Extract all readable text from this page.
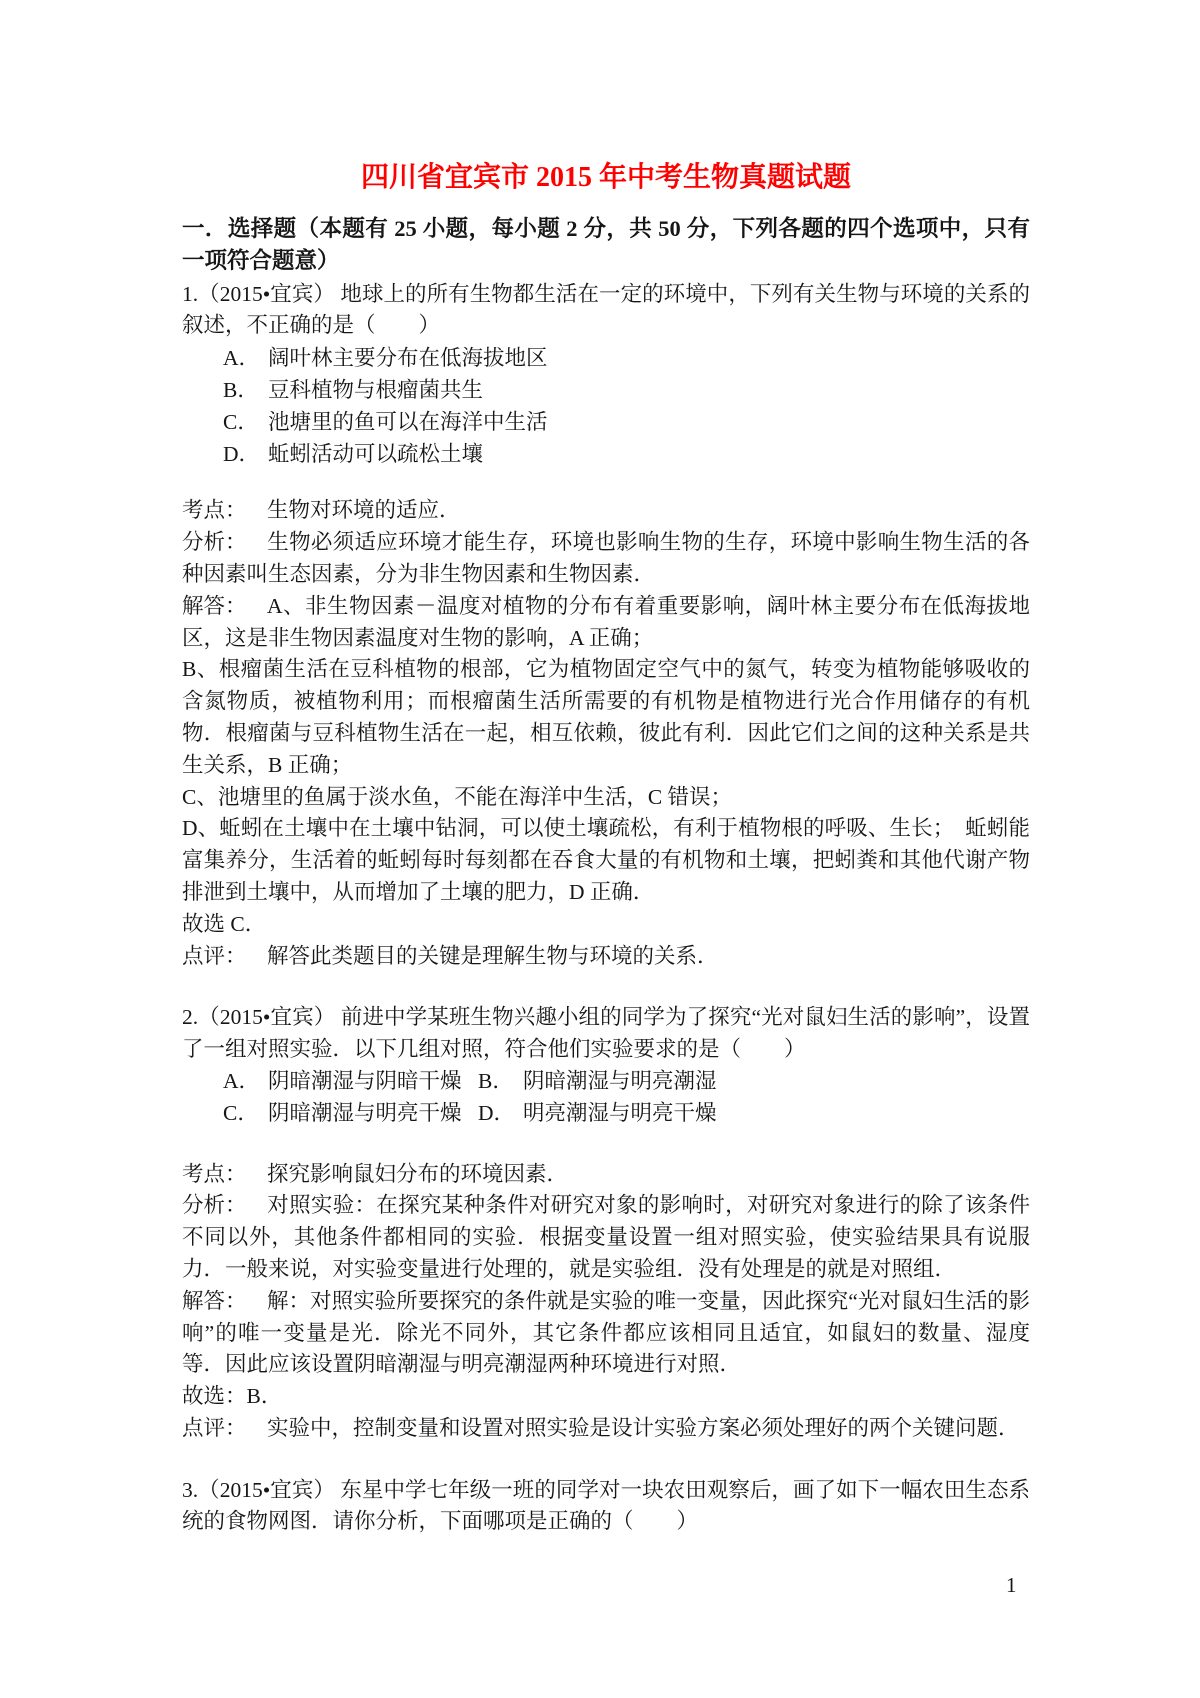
四川省宜宾市 2015 年中考生物真题试题

一．选择题（本题有 25 小题，每小题 2 分，共 50 分，下列各题的四个选项中，只有一项符合题意）

1.（2015•宜宾） 地球上的所有生物都生活在一定的环境中，下列有关生物与环境的关系的叙述，不正确的是（　　）

A． 阔叶林主要分布在低海拔地区

B． 豆科植物与根瘤菌共生

C． 池塘里的鱼可以在海洋中生活

D． 蚯蚓活动可以疏松土壤

考点： 生物对环境的适应．

分析： 生物必须适应环境才能生存，环境也影响生物的生存，环境中影响生物生活的各种因素叫生态因素，分为非生物因素和生物因素．

解答： A、非生物因素－温度对植物的分布有着重要影响，阔叶林主要分布在低海拔地区，这是非生物因素温度对生物的影响，A 正确；

B、根瘤菌生活在豆科植物的根部，它为植物固定空气中的氮气，转变为植物能够吸收的含氮物质，被植物利用；而根瘤菌生活所需要的有机物是植物进行光合作用储存的有机物．根瘤菌与豆科植物生活在一起，相互依赖，彼此有利．因此它们之间的这种关系是共生关系，B 正确；

C、池塘里的鱼属于淡水鱼，不能在海洋中生活，C 错误；

D、蚯蚓在土壤中在土壤中钻洞，可以使土壤疏松，有利于植物根的呼吸、生长；　蚯蚓能富集养分，生活着的蚯蚓每时每刻都在吞食大量的有机物和土壤，把蚓粪和其他代谢产物排泄到土壤中，从而增加了土壤的肥力，D 正确．

故选 C．

点评： 解答此类题目的关键是理解生物与环境的关系．

2.（2015•宜宾） 前进中学某班生物兴趣小组的同学为了探究“光对鼠妇生活的影响”，设置了一组对照实验．以下几组对照，符合他们实验要求的是（　　）

A． 阴暗潮湿与阴暗干燥 B． 阴暗潮湿与明亮潮湿

C． 阴暗潮湿与明亮干燥 D． 明亮潮湿与明亮干燥

考点： 探究影响鼠妇分布的环境因素．

分析： 对照实验：在探究某种条件对研究对象的影响时，对研究对象进行的除了该条件不同以外，其他条件都相同的实验．根据变量设置一组对照实验，使实验结果具有说服力．一般来说，对实验变量进行处理的，就是实验组．没有处理是的就是对照组．

解答： 解：对照实验所要探究的条件就是实验的唯一变量，因此探究“光对鼠妇生活的影响”的唯一变量是光．除光不同外，其它条件都应该相同且适宜，如鼠妇的数量、湿度等．因此应该设置阴暗潮湿与明亮潮湿两种环境进行对照．

故选：B．

点评： 实验中，控制变量和设置对照实验是设计实验方案必须处理好的两个关键问题．

3.（2015•宜宾） 东星中学七年级一班的同学对一块农田观察后，画了如下一幅农田生态系统的食物网图．请你分析，下面哪项是正确的（　　）

1
